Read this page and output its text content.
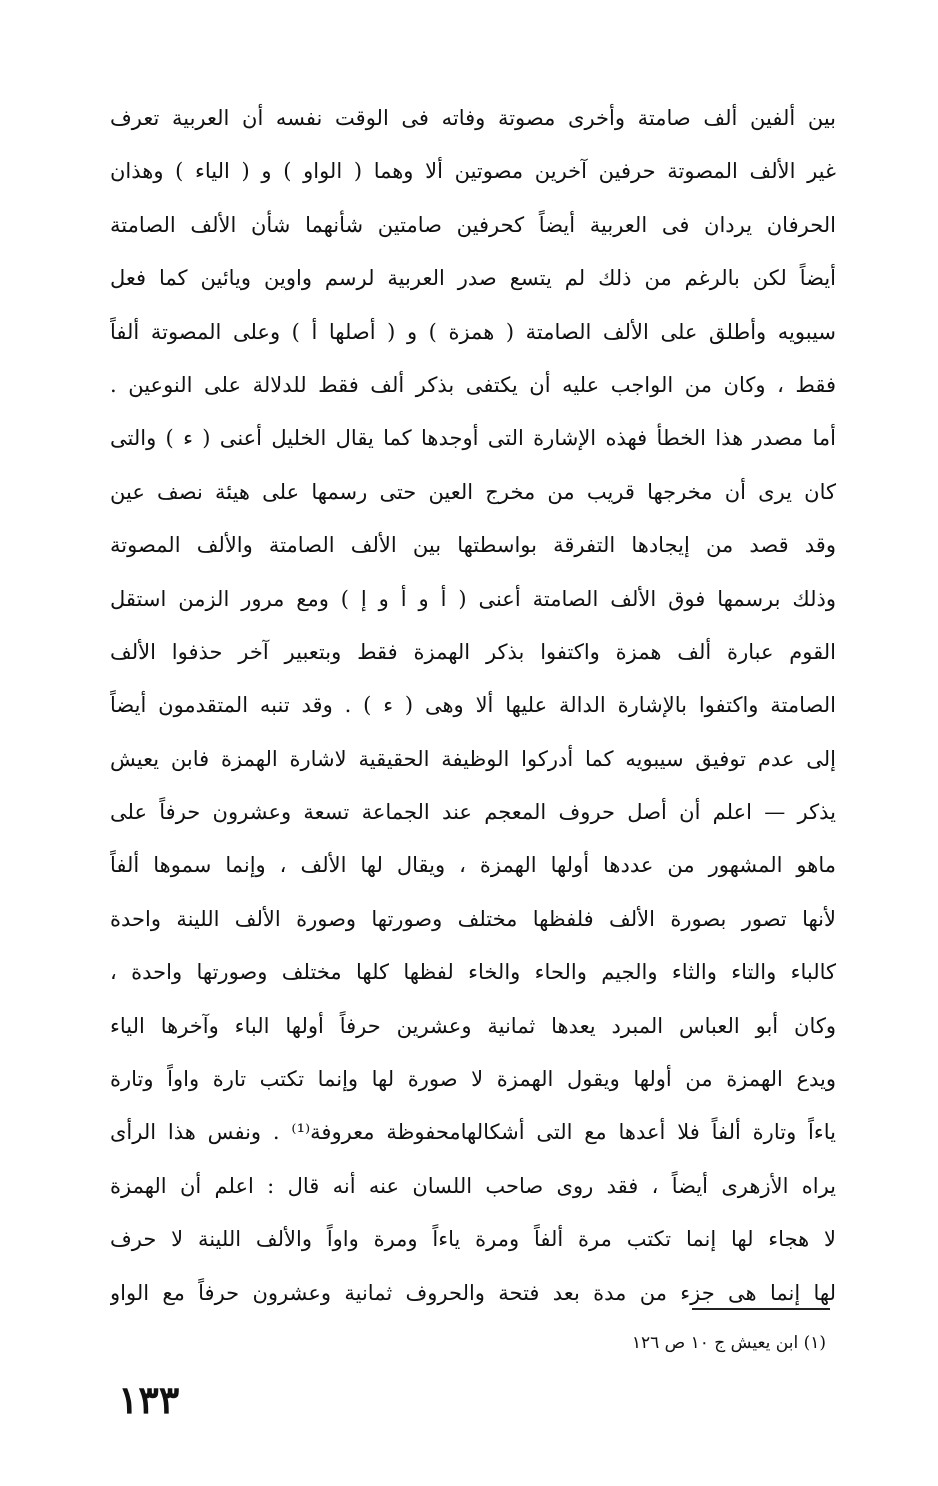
بين ألفين ألف صامتة وأخرى مصوتة وفاته فى الوقت نفسه أن العربية تعرف
غير الألف المصوتة حرفين آخرين مصوتين ألا وهما ( الواو ) و ( الياء ) وهذان
الحرفان يردان فى العربية أيضاً كحرفين صامتين شأنهما شأن الألف الصامتة
أيضاً لكن بالرغم من ذلك لم يتسع صدر العربية لرسم واوين ويائين كما فعل
سيبويه وأطلق على الألف الصامتة ( همزة ) و ( أصلها أ ) وعلى المصوتة ألفاً
فقط ، وكان من الواجب عليه أن يكتفى بذكر ألف فقط للدلالة على النوعين .
أما مصدر هذا الخطأ فهذه الإشارة التى أوجدها كما يقال الخليل أعنى ( ء ) والتى
كان يرى أن مخرجها قريب من مخرج العين حتى رسمها على هيئة نصف عين
وقد قصد من إيجادها التفرقة بواسطتها بين الألف الصامتة والألف المصوتة
وذلك برسمها فوق الألف الصامتة أعنى ( أ و أ و إ ) ومع مرور الزمن استقل
القوم عبارة ألف همزة واكتفوا بذكر الهمزة فقط وبتعبير آخر حذفوا الألف
الصامتة واكتفوا بالإشارة الدالة عليها ألا وهى ( ء ) . وقد تنبه المتقدمون أيضاً
إلى عدم توفيق سيبويه كما أدركوا الوظيفة الحقيقية لاشارة الهمزة فابن يعيش
يذكر — اعلم أن أصل حروف المعجم عند الجماعة تسعة وعشرون حرفاً على
ماهو المشهور من عددها أولها الهمزة ، ويقال لها الألف ، وإنما سموها ألفاً
لأنها تصور بصورة الألف فلفظها مختلف وصورتها وصورة الألف اللينة واحدة
كالباء والتاء والثاء والجيم والحاء والخاء لفظها كلها مختلف وصورتها واحدة ،
وكان أبو العباس المبرد يعدها ثمانية وعشرين حرفاً أولها الباء وآخرها الياء
ويدع الهمزة من أولها ويقول الهمزة لا صورة لها وإنما تكتب تارة واواً وتارة
ياءاً وتارة ألفاً فلا أعدها مع التى أشكالهامحفوظة معروفة⁽¹⁾ . ونفس هذا الرأى
يراه الأزهرى أيضاً ، فقد روى صاحب اللسان عنه أنه قال : اعلم أن الهمزة
لا هجاء لها إنما تكتب مرة ألفاً ومرة ياءاً ومرة واواً والألف اللينة لا حرف
لها إنما هى جزء من مدة بعد فتحة والحروف ثمانية وعشرون حرفاً مع الواو
(١) ابن يعيش ج ١٠ ص ١٢٦
١٣٣
